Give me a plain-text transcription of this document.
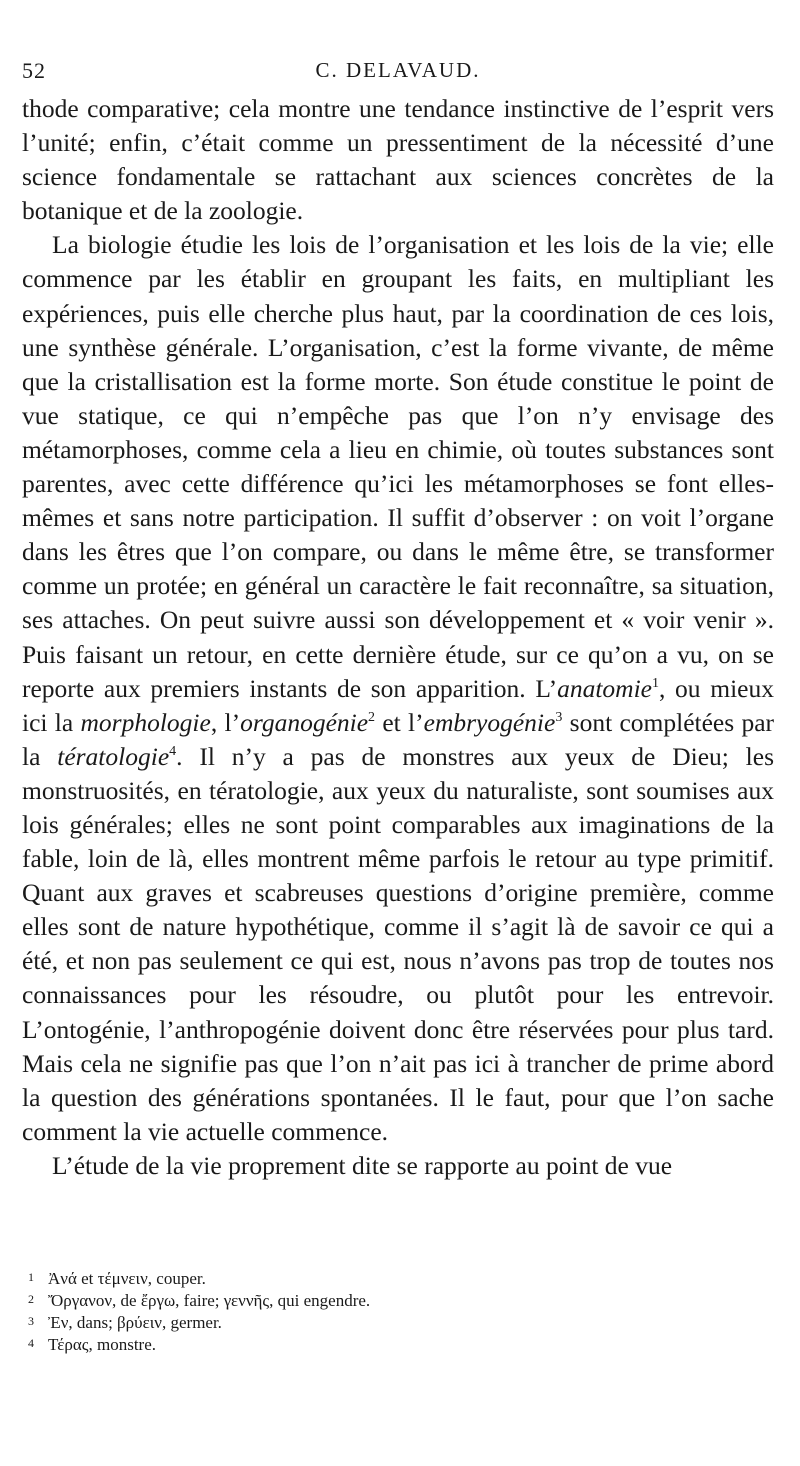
52	C. DELAVAUD.

thode comparative; cela montre une tendance instinctive de l’esprit vers l’unité; enfin, c’était comme un pressentiment de la nécessité d’une science fondamentale se rattachant aux sciences concrètes de la botanique et de la zoologie.

La biologie étudie les lois de l’organisation et les lois de la vie; elle commence par les établir en groupant les faits, en multipliant les expériences, puis elle cherche plus haut, par la coordination de ces lois, une synthèse générale. L’organisation, c’est la forme vivante, de même que la cristallisation est la forme morte. Son étude constitue le point de vue statique, ce qui n’empêche pas que l’on n’y envisage des métamorphoses, comme cela a lieu en chimie, où toutes substances sont parentes, avec cette différence qu’ici les métamorphoses se font elles-mêmes et sans notre participation. Il suffit d’observer : on voit l’organe dans les êtres que l’on compare, ou dans le même être, se transformer comme un protée; en général un caractère le fait reconnaître, sa situation, ses attaches. On peut suivre aussi son développement et « voir venir ». Puis faisant un retour, en cette dernière étude, sur ce qu’on a vu, on se reporte aux premiers instants de son apparition. L’anatomie$^1$, ou mieux ici la morphologie, l’organogénie$^2$ et l’embryogénie$^3$ sont complétées par la tératologie$^4$. Il n’y a pas de monstres aux yeux de Dieu; les monstruosités, en tératologie, aux yeux du naturaliste, sont soumises aux lois générales; elles ne sont point comparables aux imaginations de la fable, loin de là, elles montrent même parfois le retour au type primitif. Quant aux graves et scabreuses questions d’origine première, comme elles sont de nature hypothétique, comme il s’agit là de savoir ce qui a été, et non pas seulement ce qui est, nous n’avons pas trop de toutes nos connaissances pour les résoudre, ou plutôt pour les entrevoir. L’ontogénie, l’anthropogénie doivent donc être réservées pour plus tard. Mais cela ne signifie pas que l’on n’ait pas ici à trancher de prime abord la question des générations spontanées. Il le faut, pour que l’on sache comment la vie actuelle commence.

L’étude de la vie proprement dite se rapporte au point de vue

1 Ἀνά et τέμνειν, couper.
2 Ὄργανον, de ἔργω, faire; γεννῆς, qui engendre.
3 Ἐν, dans; βρύειν, germer.
4 Τέρας, monstre.
